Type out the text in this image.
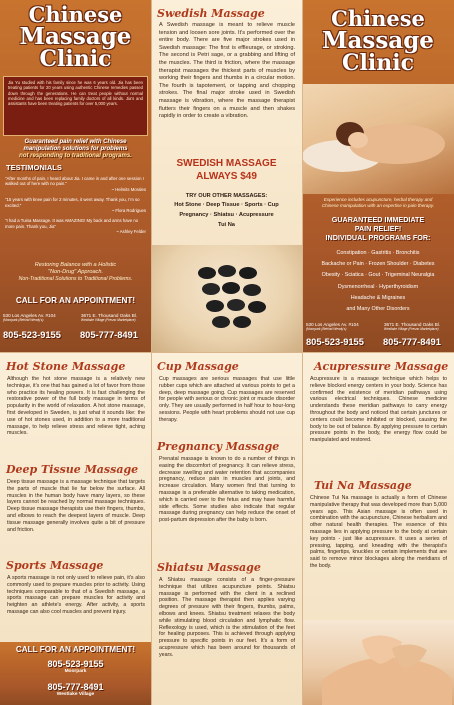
Chinese
Massage
Clinic
Jia Yu studied with his family since he was 6 years old. Jia has been treating patients for 20 years using authentic Chinese remedies passed down through the generations. He can treat people without normal medicine and has been replacing family doctors of all kinds. Jia's and assistants have been treating patients for over 5,000 years.
Guaranteed pain relief with Chinese
manipulation solutions for problems
not responding to traditional programs.
TESTIMONIALS
"After months of pain, I heard about Jia. I came in and after one session I walked out of here with no pain."
~ Helmits Morales
"15 years with knee pain for 2 minutes, it went away. Thank you, I'm so excited."
~ Flora Rodrigues
"I had a Tuina Massage. It was AMAZING! My back and arms have no more pain. Thank you, Jia"
~ Ashley Felder
Restoring Balance with a Holistic
"Non-Drug" Approach.
Non-Traditional Solutions to Traditional Problems.
CALL FOR AN APPOINTMENT!
530 Los Angeles Av. #104
(Moorpark (Behind Wendy's)
3671 E. Thousand Oaks Bl.
Westlake Village (Fresno Marketplace)
805-523-9155 805-777-8491
Swedish Massage
A Swedish massage is meant to relieve muscle tension and loosen sore joints. It's performed over the entire body. There are five major strokes used in Swedish massage: The first is effleurage, or stroking. The second is Petri sage, or a grabbing and lifting of the muscles. The third is friction, where the massage therapist massages the thickest parts of muscles by working their fingers and thumbs in a circular motion. The fourth is tapotement, or tapping and chopping strokes. The final major stroke used in Swedish massage is vibration, where the massage therapist flutters their fingers on a muscle and then shakes rapidly in order to create a vibration.
SWEDISH MASSAGE
ALWAYS $49
TRY OUR OTHER MASSAGES:
Hot Stone · Deep Tissue · Sports · Cup
Pregnancy · Shiatsu · Acupressure
Tui Na
Chinese
Massage
Clinic
Experience includes acupuncture, herbal therapy and
Chinese manipulation with an expertise in pain therapy.
GUARANTEED IMMEDIATE
PAIN RELIEF!
INDIVIDUAL PROGRAMS FOR:
Constipation · Gastritis · Bronchitis
Backache or Pain · Frozen Shoulder · Diabetes
Obesity · Sciatica · Gout · Trigeminal Neuralgia
Dysmenorrheal · Hyperthyroidism
Headache & Migraines
and Many Other Disorders
530 Los Angeles Av. #104
(Moorpark (Behind Wendy's)
3671 E. Thousand Oaks Bl.
Westlake Village (Fresno Marketplace)
805-523-9155 805-777-8491
Hot Stone Massage
Although the hot stone massage is a relatively new technique, it's one that has gained a lot of favor from those who practice its healing powers. It is fast challenging the restorative power of the full body massage in terms of popularity in the world of relaxation. A hot stone massage, first developed in Sweden, is just what it sounds like: the use of hot stones used, in addition to a more traditional massage, to help relieve stress and relieve tight, aching muscles.
Deep Tissue Massage
Deep tissue massage is a massage technique that targets the parts of muscle that lie far below the surface. All muscles in the human body have many layers, so these layers cannot be reached by normal massage techniques. Deep tissue massage therapists use their fingers, thumbs, and elbows to reach the deepest layers of muscle. Deep tissue massage generally involves quite a bit of pressure and friction.
Sports Massage
A sports massage is not only used to relieve pain, it's also commonly used to prepare muscles prior to activity. Using techniques comparable to that of a Swedish massage, a sports massage can prepare muscles for activity and heighten an athlete's energy. After activity, a sports massage can also cool muscles and prevent injury.
CALL FOR AN APPOINTMENT!
805-523-9155
Moorpark
805-777-8491
Westlake Village
Cup Massage
Cup massages are serious massages that use little rubber cups which are attached at various points to get a deep, deep massage going. Cup massages are reserved for people with serious or chronic joint or muscle disorder only. They are usually performed in half hour to hour-long sessions. People with heart problems should not use cup therapy.
Pregnancy Massage
Prenatal massage is known to do a number of things in easing the discomfort of pregnancy. It can relieve stress, decrease swelling and water retention that accompanies pregnancy, reduce pain in muscles and joints, and increase circulation. Many women find that turning to massage is a preferable alternative to taking medication, which is carried over to the fetus and may have harmful side effects. Some studies also indicate that regular massage during pregnancy can help reduce the onset of post-partum depression after the baby is born.
Shiatsu Massage
A Shiatsu massage consists of a finger-pressure technique that utilizes acupuncture points. Shiatsu massage is performed with the client in a reclined position. The massage therapist then applies varying degrees of pressure with their fingers, thumbs, palms, elbows and knees. Shiatsu treatment relaxes the body while stimulating blood circulation and lymphatic flow. Reflexology is used, which is the stimulation of the feet for healing purposes. This is achieved through applying pressure to specific points in our feet. It's a form of acupressure which has been around for thousands of years.
Acupressure Massage
Acupressure is a massage technique which helps to relieve blocked energy centers in your body. Science has confirmed the existence of meridian pathways using various electrical techniques. Chinese medicine understands these meridian pathways to carry energy throughout the body and noticed that certain junctures or centers could become inhibited or blocked, causing the body to be out of balance. By applying pressure to certain pressure points in the body, the energy flow could be manipulated and restored.
Tui Na Massage
Chinese Tui Na massage is actually a form of Chinese manipulative therapy that was developed more than 5,000 years ago. This Asian massage is often used in combination with the acupuncture, Chinese herbalism and other natural health therapies. The essence of this massage lies in applying pressure to the body at certain key points - just like acupressure. It uses a series of pressing, tapping, and kneading with the therapist's palms, fingertips, knuckles or certain implements that are said to remove minor blockages along the meridians of the body.
